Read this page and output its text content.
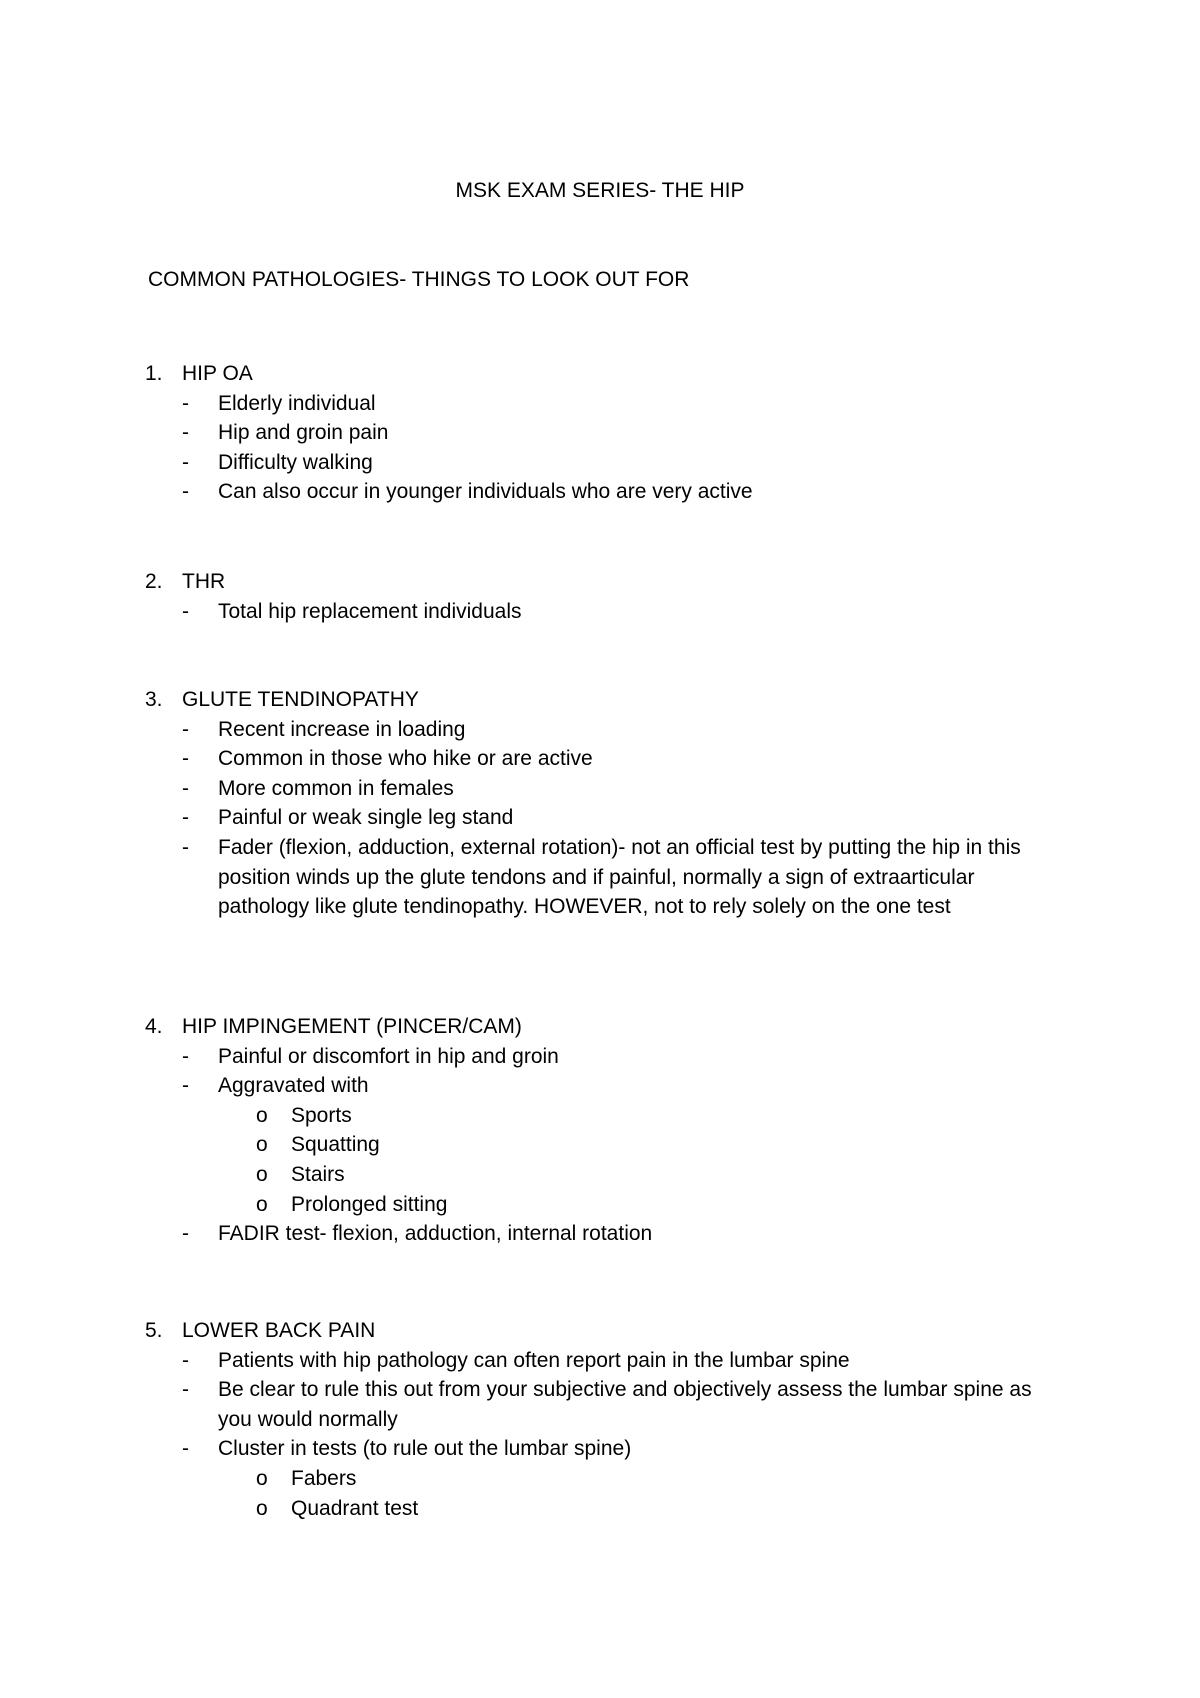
MSK EXAM SERIES- THE HIP
COMMON PATHOLOGIES- THINGS TO LOOK OUT FOR
1. HIP OA
- Elderly individual
- Hip and groin pain
- Difficulty walking
- Can also occur in younger individuals who are very active
2. THR
- Total hip replacement individuals
3. GLUTE TENDINOPATHY
- Recent increase in loading
- Common in those who hike or are active
- More common in females
- Painful or weak single leg stand
- Fader (flexion, adduction, external rotation)- not an official test by putting the hip in this position winds up the glute tendons and if painful, normally a sign of extraarticular pathology like glute tendinopathy. HOWEVER, not to rely solely on the one test
4. HIP IMPINGEMENT (PINCER/CAM)
- Painful or discomfort in hip and groin
- Aggravated with
o Sports
o Squatting
o Stairs
o Prolonged sitting
- FADIR test- flexion, adduction, internal rotation
5. LOWER BACK PAIN
- Patients with hip pathology can often report pain in the lumbar spine
- Be clear to rule this out from your subjective and objectively assess the lumbar spine as you would normally
- Cluster in tests (to rule out the lumbar spine)
o Fabers
o Quadrant test
